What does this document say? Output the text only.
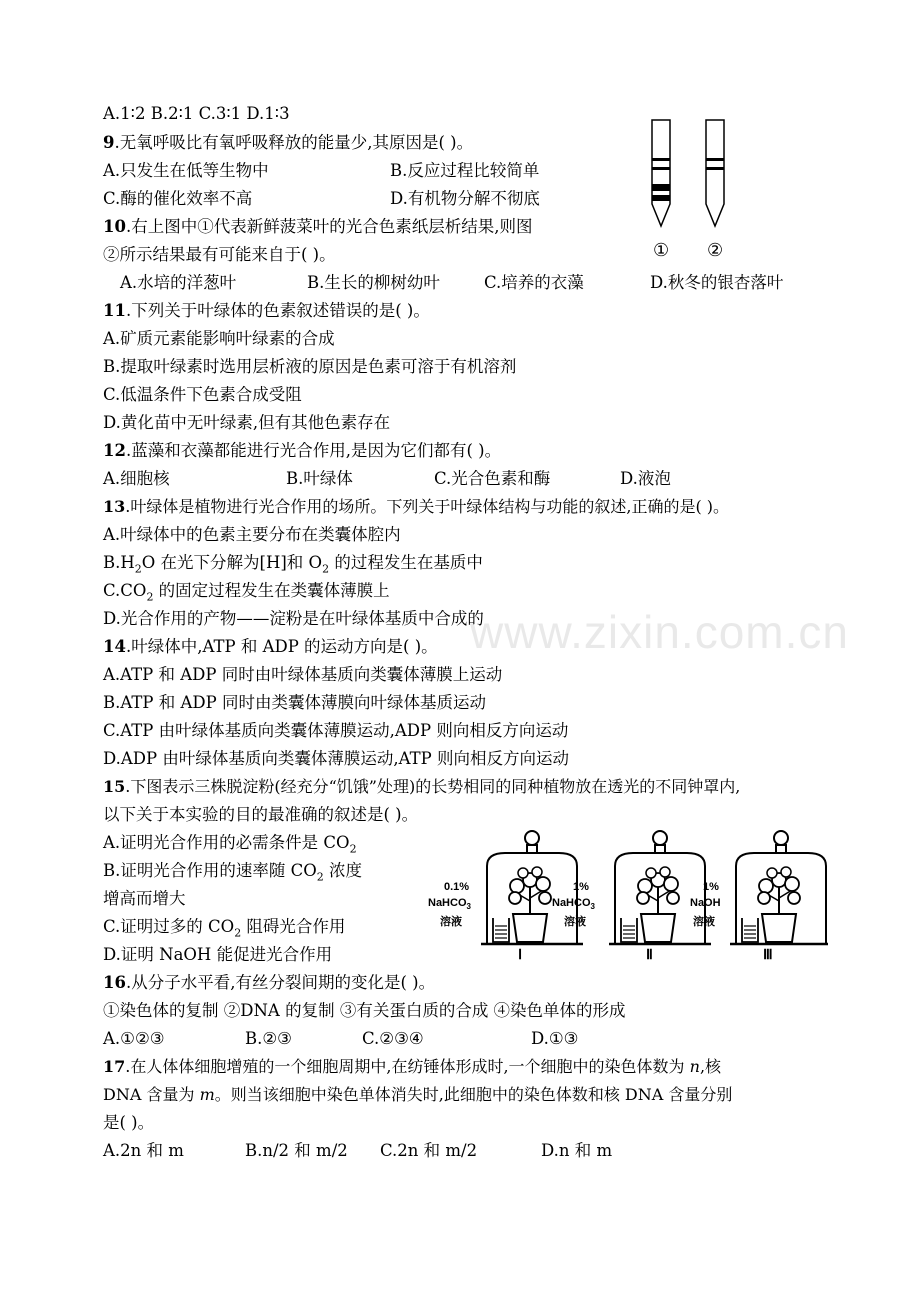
A.1∶2 B.2∶1 C.3∶1 D.1∶3
9.无氧呼吸比有氧呼吸释放的能量少,其原因是( )。
A.只发生在低等生物中	B.反应过程比较简单
C.酶的催化效率不高	D.有机物分解不彻底
10.右上图中①代表新鲜菠菜叶的光合色素纸层析结果,则图
②所示结果最有可能来自于( )。
A.水培的洋葱叶	B.生长的柳树幼叶	C.培养的衣藻	D.秋冬的银杏落叶
① ②
11.下列关于叶绿体的色素叙述错误的是( )。
A.矿质元素能影响叶绿素的合成
B.提取叶绿素时选用层析液的原因是色素可溶于有机溶剂
C.低温条件下色素合成受阻
D.黄化苗中无叶绿素,但有其他色素存在
12.蓝藻和衣藻都能进行光合作用,是因为它们都有( )。
A.细胞核	B.叶绿体	C.光合色素和酶	D.液泡
13.叶绿体是植物进行光合作用的场所。下列关于叶绿体结构与功能的叙述,正确的是( )。
A.叶绿体中的色素主要分布在类囊体腔内
$B.H_2O$ 在光下分解为[H]和 $O_2$ 的过程发生在基质中
$C.CO_2$ 的固定过程发生在类囊体薄膜上
D.光合作用的产物——淀粉是在叶绿体基质中合成的
www.zixin.com.cn
14.叶绿体中,ATP 和 ADP 的运动方向是( )。
A.ATP 和 ADP 同时由叶绿体基质向类囊体薄膜上运动
B.ATP 和 ADP 同时由类囊体薄膜向叶绿体基质运动
C.ATP 由叶绿体基质向类囊体薄膜运动,ADP 则向相反方向运动
D.ADP 由叶绿体基质向类囊体薄膜运动,ATP 则向相反方向运动
15.下图表示三株脱淀粉(经充分“饥饿”处理)的长势相同的同种植物放在透光的不同钟罩内,
以下关于本实验的目的最准确的叙述是( )。
A.证明光合作用的必需条件是 $CO_2$
B.证明光合作用的速率随 $CO_2$ 浓度
增高而增大
C.证明过多的 $CO_2$ 阻碍光合作用
D.证明 NaOH 能促进光合作用
0.1%
NaHCO$_3$
溶液
Ⅰ
1%
NaHCO$_3$
溶液
Ⅱ
1%
NaOH
溶液
Ⅲ
16.从分子水平看,有丝分裂间期的变化是( )。
①染色体的复制 ②DNA 的复制 ③有关蛋白质的合成 ④染色单体的形成
A.①②③	B.②③	C.②③④	D.①③
17.在人体体细胞增殖的一个细胞周期中,在纺锤体形成时,一个细胞中的染色体数为 n,核
DNA 含量为 m。则当该细胞中染色单体消失时,此细胞中的染色体数和核 DNA 含量分别
是( )。
A.2n 和 m	B.n/2 和 m/2 C.2n 和 m/2	D.n 和 m
